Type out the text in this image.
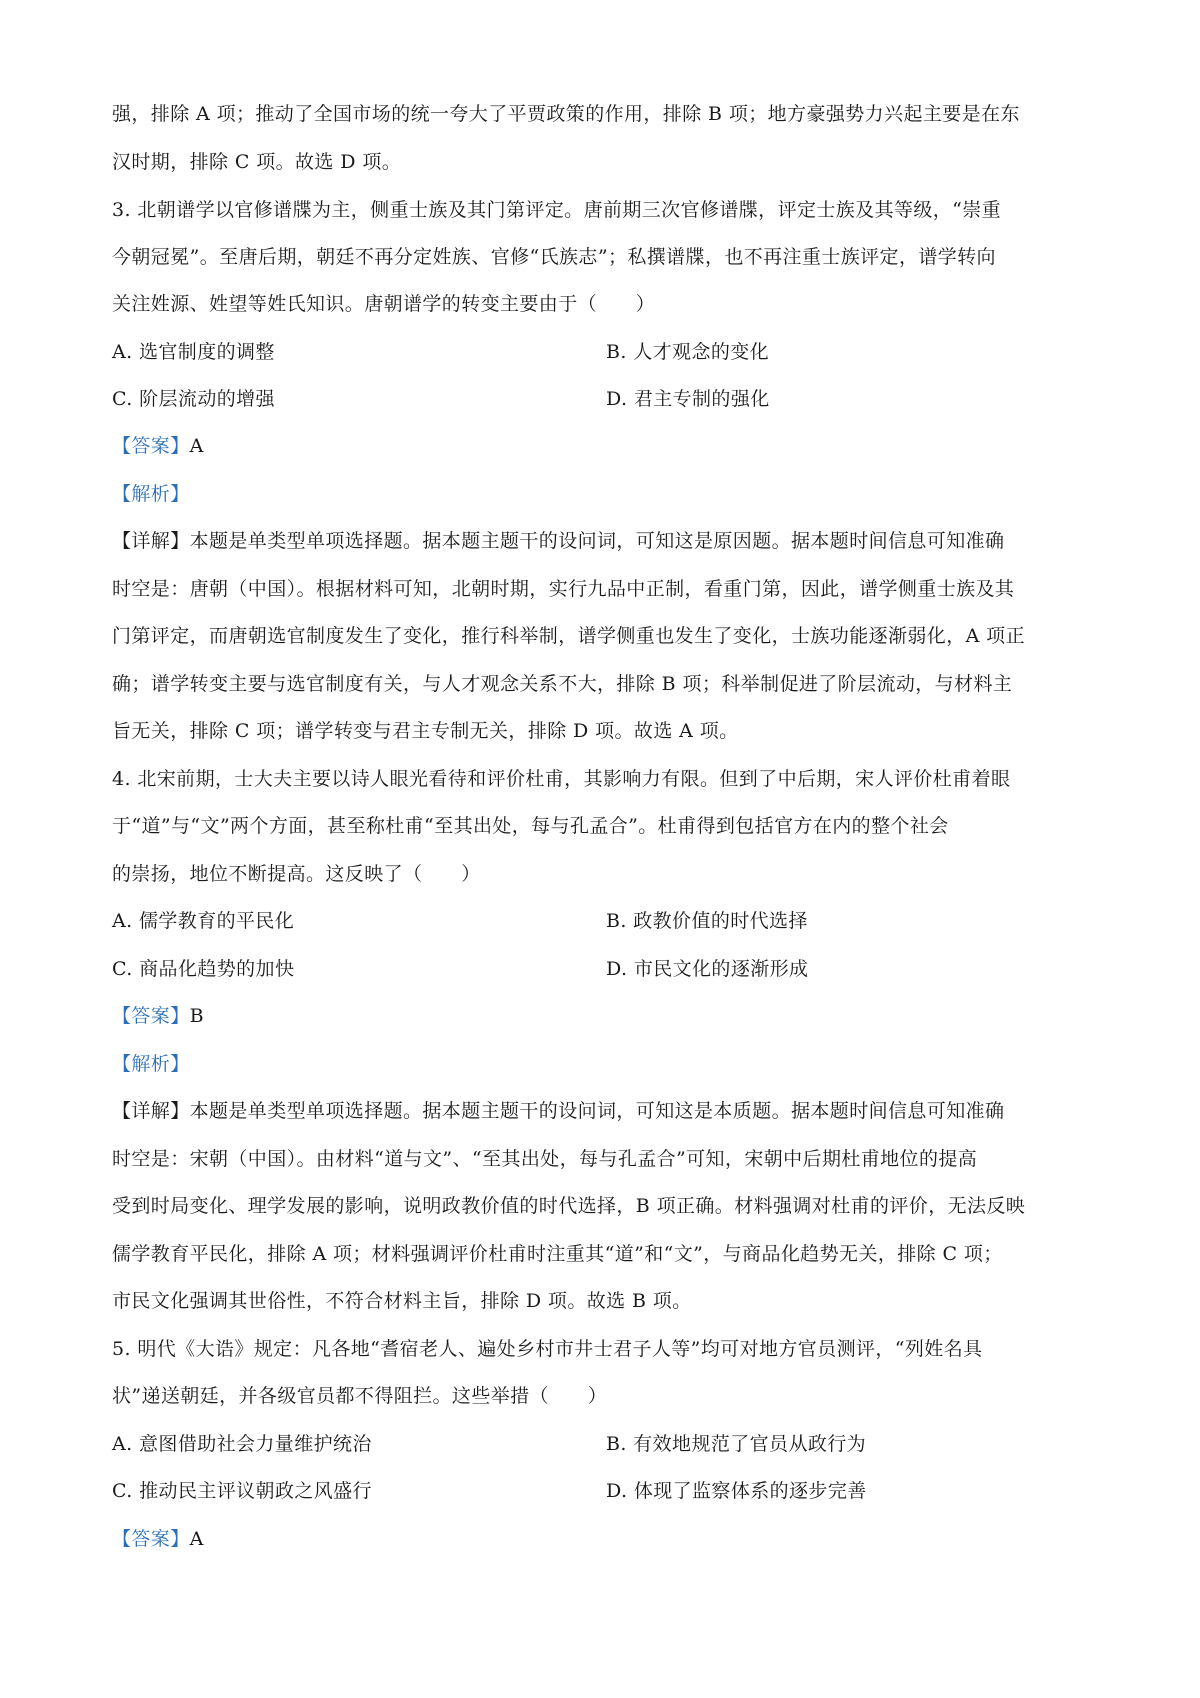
强，排除 A 项；推动了全国市场的统一夸大了平贾政策的作用，排除 B 项；地方豪强势力兴起主要是在东
汉时期，排除 C 项。故选 D 项。
3. 北朝谱学以官修谱牒为主，侧重士族及其门第评定。唐前期三次官修谱牒，评定士族及其等级，“崇重
今朝冠冕”。至唐后期，朝廷不再分定姓族、官修“氏族志”；私撰谱牒，也不再注重士族评定，谱学转向
关注姓源、姓望等姓氏知识。唐朝谱学的转变主要由于（　　）
A. 选官制度的调整	B. 人才观念的变化
C. 阶层流动的增强	D. 君主专制的强化
【答案】A
【解析】
【详解】本题是单类型单项选择题。据本题主题干的设问词，可知这是原因题。据本题时间信息可知准确
时空是：唐朝（中国）。根据材料可知，北朝时期，实行九品中正制，看重门第，因此，谱学侧重士族及其
门第评定，而唐朝选官制度发生了变化，推行科举制，谱学侧重也发生了变化，士族功能逐渐弱化，A 项正
确；谱学转变主要与选官制度有关，与人才观念关系不大，排除 B 项；科举制促进了阶层流动，与材料主
旨无关，排除 C 项；谱学转变与君主专制无关，排除 D 项。故选 A 项。
4. 北宋前期，士大夫主要以诗人眼光看待和评价杜甫，其影响力有限。但到了中后期，宋人评价杜甫着眼
于“道”与“文”两个方面，甚至称杜甫“至其出处，每与孔孟合”。杜甫得到包括官方在内的整个社会
的崇扬，地位不断提高。这反映了（　　）
A. 儒学教育的平民化	B. 政教价值的时代选择
C. 商品化趋势的加快	D. 市民文化的逐渐形成
【答案】B
【解析】
【详解】本题是单类型单项选择题。据本题主题干的设问词，可知这是本质题。据本题时间信息可知准确
时空是：宋朝（中国）。由材料“道与文”、“至其出处，每与孔孟合”可知，宋朝中后期杜甫地位的提高
受到时局变化、理学发展的影响，说明政教价值的时代选择，B 项正确。材料强调对杜甫的评价，无法反映
儒学教育平民化，排除 A 项；材料强调评价杜甫时注重其“道”和“文”，与商品化趋势无关，排除 C 项；
市民文化强调其世俗性，不符合材料主旨，排除 D 项。故选 B 项。
5. 明代《大诰》规定：凡各地“耆宿老人、遍处乡村市井士君子人等”均可对地方官员测评，“列姓名具
状”递送朝廷，并各级官员都不得阻拦。这些举措（　　）
A. 意图借助社会力量维护统治	B. 有效地规范了官员从政行为
C. 推动民主评议朝政之风盛行	D. 体现了监察体系的逐步完善
【答案】A
